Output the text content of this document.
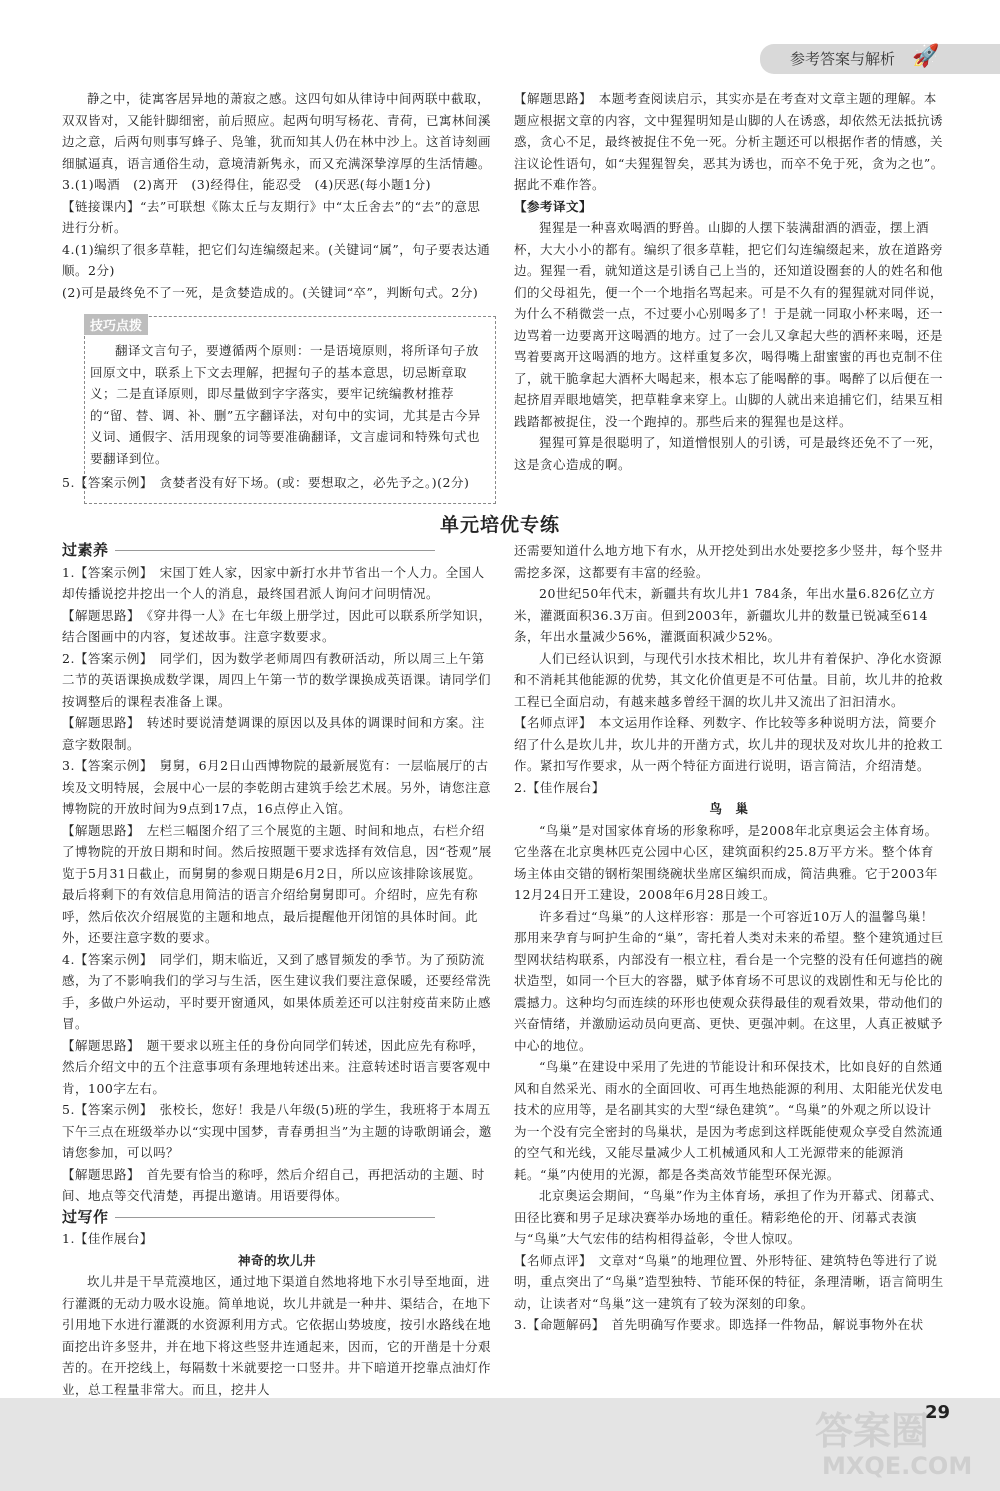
参考答案与解析 🚀

静之中，徒寓客居异地的萧寂之感。这四句如从律诗中间两联中截取，双双皆对，又能针脚细密，前后照应。起两句明写杨花、青荷，已寓林间溪边之意，后两句则事写蜂子、凫雏，犹而知其人仍在林中沙上。这首诗刻画细腻逼真，语言通俗生动，意境清新隽永，而又充满深挚淳厚的生活情趣。

3.(1)喝酒　(2)离开　(3)经得住，能忍受　(4)厌恶(每小题1分)

【链接课内】“去”可联想《陈太丘与友期行》中“太丘舍去”的“去”的意思进行分析。

4.(1)编织了很多草鞋，把它们勾连编缀起来。(关键词“属”，句子要表达通顺。2分)

(2)可是最终免不了一死，是贪婪造成的。(关键词“卒”，判断句式。2分)

技巧点拨

翻译文言句子，要遵循两个原则：一是语境原则，将所译句子放回原文中，联系上下文去理解，把握句子的基本意思，切忌断章取义；二是直译原则，即尽量做到字字落实，要牢记统编教材推荐的“留、替、调、补、删”五字翻译法，对句中的实词，尤其是古今异义词、通假字、活用现象的词等要准确翻译，文言虚词和特殊句式也要翻译到位。

5.【答案示例】　贪婪者没有好下场。(或：要想取之，必先予之。)(2分)

【解题思路】　本题考查阅读启示，其实亦是在考查对文章主题的理解。本题应根据文章的内容，文中猩猩明知是山脚的人在诱惑，却依然无法抵抗诱惑，贪心不足，最终被捉住不免一死。分析主题还可以根据作者的情感，关注议论性语句，如“夫猩猩智矣，恶其为诱也，而卒不免于死，贪为之也”。据此不难作答。

【参考译文】

猩猩是一种喜欢喝酒的野兽。山脚的人摆下装满甜酒的酒壶，摆上酒杯，大大小小的都有。编织了很多草鞋，把它们勾连编缀起来，放在道路旁边。猩猩一看，就知道这是引诱自己上当的，还知道设圈套的人的姓名和他们的父母祖先，便一个一个地指名骂起来。可是不久有的猩猩就对同伴说，为什么不稍微尝一点，不过要小心别喝多了！于是就一同取小杯来喝，还一边骂着一边要离开这喝酒的地方。过了一会儿又拿起大些的酒杯来喝，还是骂着要离开这喝酒的地方。这样重复多次，喝得嘴上甜蜜蜜的再也克制不住了，就干脆拿起大酒杯大喝起来，根本忘了能喝醉的事。喝醉了以后便在一起挤眉弄眼地嬉笑，把草鞋拿来穿上。山脚的人就出来追捕它们，结果互相践踏都被捉住，没一个跑掉的。那些后来的猩猩也是这样。

猩猩可算是很聪明了，知道憎恨别人的引诱，可是最终还免不了一死，这是贪心造成的啊。

单元培优专练
过素养

1.【答案示例】　宋国丁姓人家，因家中新打水井节省出一个人力。全国人却传播说挖井挖出一个人的消息，最终国君派人询问才问明情况。

【解题思路】　《穿井得一人》在七年级上册学过，因此可以联系所学知识，结合图画中的内容，复述故事。注意字数要求。

2.【答案示例】　同学们，因为数学老师周四有教研活动，所以周三上午第二节的英语课换成数学课，周四上午第一节的数学课换成英语课。请同学们按调整后的课程表准备上课。

【解题思路】　转述时要说清楚调课的原因以及具体的调课时间和方案。注意字数限制。

3.【答案示例】　舅舅，6月2日山西博物院的最新展览有：一层临展厅的古埃及文明特展，会展中心一层的李乾朗古建筑手绘艺术展。另外，请您注意博物院的开放时间为9点到17点，16点停止入馆。

【解题思路】　左栏三幅图介绍了三个展览的主题、时间和地点，右栏介绍了博物院的开放日期和时间。然后按照题干要求选择有效信息，因“苍观”展览于5月31日截止，而舅舅的参观日期是6月2日，所以应该排除该展览。最后将剩下的有效信息用简洁的语言介绍给舅舅即可。介绍时，应先有称呼，然后依次介绍展览的主题和地点，最后提醒他开闭馆的具体时间。此外，还要注意字数的要求。

4.【答案示例】　同学们，期末临近，又到了感冒频发的季节。为了预防流感，为了不影响我们的学习与生活，医生建议我们要注意保暖，还要经常洗手，多做户外运动，平时要开窗通风，如果体质差还可以注射疫苗来防止感冒。

【解题思路】　题干要求以班主任的身份向同学们转述，因此应先有称呼，然后介绍文中的五个注意事项有条理地转述出来。注意转述时语言要客观中肯，100字左右。

5.【答案示例】　张校长，您好！我是八年级(5)班的学生，我班将于本周五下午三点在班级举办以“实现中国梦，青春勇担当”为主题的诗歌朗诵会，邀请您参加，可以吗？

【解题思路】　首先要有恰当的称呼，然后介绍自己，再把活动的主题、时间、地点等交代清楚，再提出邀请。用语要得体。

过写作

1.【佳作展台】

神奇的坎儿井

坎儿井是干旱荒漠地区，通过地下渠道自然地将地下水引导至地面，进行灌溉的无动力吸水设施。简单地说，坎儿井就是一种井、渠结合，在地下引用地下水进行灌溉的水资源利用方式。它依据山势坡度，按引水路线在地面挖出许多竖井，并在地下将这些竖井连通起来，因而，它的开凿是十分艰苦的。在开挖线上，每隔数十米就要挖一口竖井。井下暗道开挖靠点油灯作业，总工程量非常大。而且，挖井人

还需要知道什么地方地下有水，从开挖处到出水处要挖多少竖井，每个竖井需挖多深，这都要有丰富的经验。

20世纪50年代末，新疆共有坎儿井1 784条，年出水量6.826亿立方米，灌溉面积36.3万亩。但到2003年，新疆坎儿井的数量已锐减至614条，年出水量减少56%，灌溉面积减少52%。

人们已经认识到，与现代引水技术相比，坎儿井有着保护、净化水资源和不消耗其他能源的优势，其文化价值更是不可估量。目前，坎儿井的抢救工程已全面启动，有越来越多曾经干涸的坎儿井又流出了汩汩清水。

【名师点评】　本文运用作诠释、列数字、作比较等多种说明方法，简要介绍了什么是坎儿井，坎儿井的开凿方式，坎儿井的现状及对坎儿井的抢救工作。紧扣写作要求，从一两个特征方面进行说明，语言简洁，介绍清楚。

2.【佳作展台】

鸟　巢

“鸟巢”是对国家体育场的形象称呼，是2008年北京奥运会主体育场。它坐落在北京奥林匹克公园中心区，建筑面积约25.8万平方米。整个体育场主体由交错的钢桁架围绕碗状坐席区编织而成，简洁典雅。它于2003年12月24日开工建设，2008年6月28日竣工。

许多看过“鸟巢”的人这样形容：那是一个可容近10万人的温馨鸟巢！那用来孕育与呵护生命的“巢”，寄托着人类对未来的希望。整个建筑通过巨型网状结构联系，内部没有一根立柱，看台是一个完整的没有任何遮挡的碗状造型，如同一个巨大的容器，赋予体育场不可思议的戏剧性和无与伦比的震撼力。这种均匀而连续的环形也使观众获得最佳的观看效果，带动他们的兴奋情绪，并激励运动员向更高、更快、更强冲刺。在这里，人真正被赋予中心的地位。

“鸟巢”在建设中采用了先进的节能设计和环保技术，比如良好的自然通风和自然采光、雨水的全面回收、可再生地热能源的利用、太阳能光伏发电技术的应用等，是名副其实的大型“绿色建筑”。“鸟巢”的外观之所以设计为一个没有完全密封的鸟巢状，是因为考虑到这样既能使观众享受自然流通的空气和光线，又能尽量减少人工机械通风和人工光源带来的能源消耗。“巢”内使用的光源，都是各类高效节能型环保光源。

北京奥运会期间，“鸟巢”作为主体育场，承担了作为开幕式、闭幕式、田径比赛和男子足球决赛举办场地的重任。精彩绝伦的开、闭幕式表演与“鸟巢”大气宏伟的结构相得益彰，令世人惊叹。

【名师点评】　文章对“鸟巢”的地理位置、外形特征、建筑特色等进行了说明，重点突出了“鸟巢”造型独特、节能环保的特征，条理清晰，语言简明生动，让读者对“鸟巢”这一建筑有了较为深刻的印象。

3.【命题解码】　首先明确写作要求。即选择一件物品，解说事物外在状

29
答案圈
MXQE.COM
